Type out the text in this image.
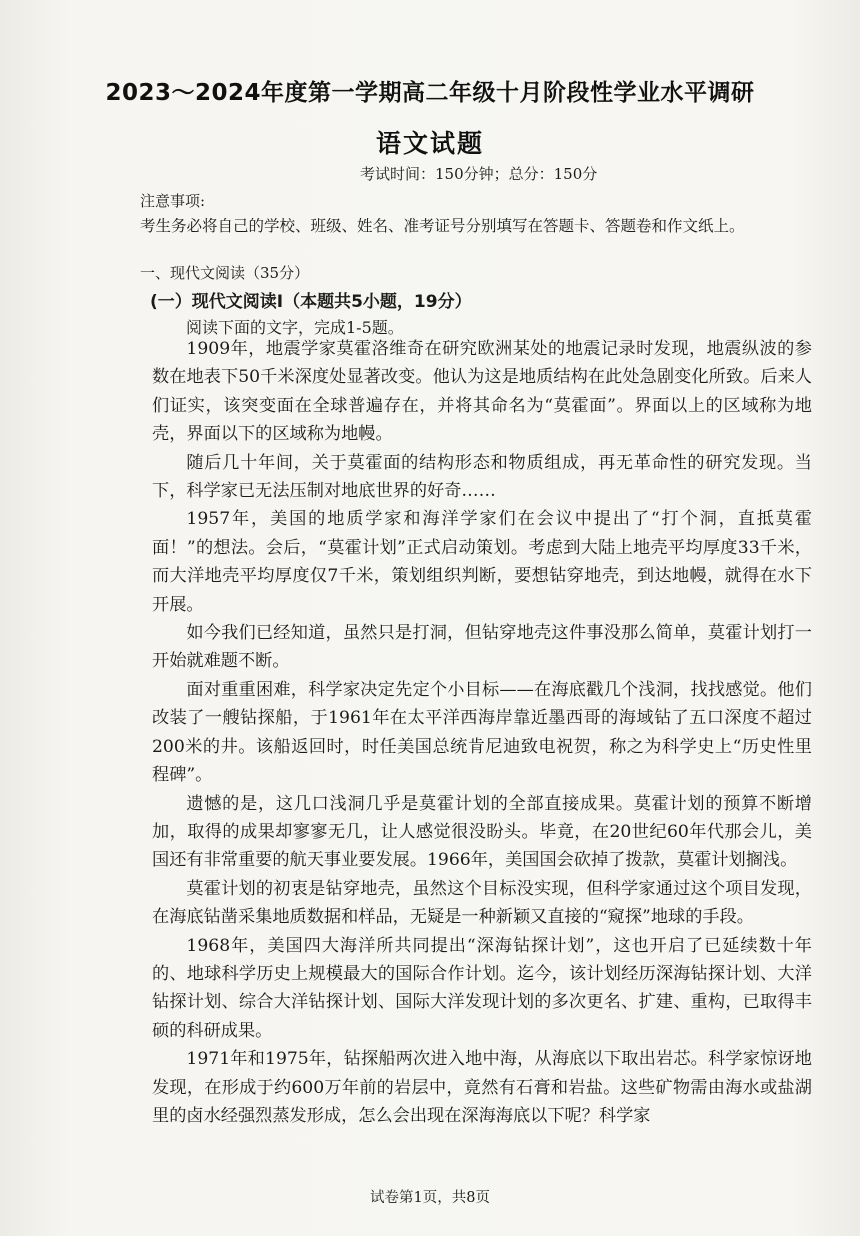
2023～2024年度第一学期高二年级十月阶段性学业水平调研
语文试题
考试时间：150分钟；总分：150分
注意事项:
考生务必将自己的学校、班级、姓名、准考证号分别填写在答题卡、答题卷和作文纸上。
一、现代文阅读（35分）
(一）现代文阅读Ⅰ（本题共5小题，19分）
阅读下面的文字，完成1-5题。

1909年，地震学家莫霍洛维奇在研究欧洲某处的地震记录时发现，地震纵波的参数在地表下50千米深度处显著改变。他认为这是地质结构在此处急剧变化所致。后来人们证实，该突变面在全球普遍存在，并将其命名为“莫霍面”。界面以上的区域称为地壳，界面以下的区域称为地幔。

随后几十年间，关于莫霍面的结构形态和物质组成，再无革命性的研究发现。当下，科学家已无法压制对地底世界的好奇……

1957年，美国的地质学家和海洋学家们在会议中提出了“打个洞，直抵莫霍面！”的想法。会后，“莫霍计划”正式启动策划。考虑到大陆上地壳平均厚度33千米，而大洋地壳平均厚度仅7千米，策划组织判断，要想钻穿地壳，到达地幔，就得在水下开展。

如今我们已经知道，虽然只是打洞，但钻穿地壳这件事没那么简单，莫霍计划打一开始就难题不断。

面对重重困难，科学家决定先定个小目标——在海底戳几个浅洞，找找感觉。他们改装了一艘钻探船，于1961年在太平洋西海岸靠近墨西哥的海域钻了五口深度不超过200米的井。该船返回时，时任美国总统肯尼迪致电祝贺，称之为科学史上“历史性里程碑”。

遗憾的是，这几口浅洞几乎是莫霍计划的全部直接成果。莫霍计划的预算不断增加，取得的成果却寥寥无几，让人感觉很没盼头。毕竟，在20世纪60年代那会儿，美国还有非常重要的航天事业要发展。1966年，美国国会砍掉了拨款，莫霍计划搁浅。

莫霍计划的初衷是钻穿地壳，虽然这个目标没实现，但科学家通过这个项目发现，在海底钻凿采集地质数据和样品，无疑是一种新颖又直接的“窥探”地球的手段。

1968年，美国四大海洋所共同提出“深海钻探计划”，这也开启了已延续数十年的、地球科学历史上规模最大的国际合作计划。迄今，该计划经历深海钻探计划、大洋钻探计划、综合大洋钻探计划、国际大洋发现计划的多次更名、扩建、重构，已取得丰硕的科研成果。

1971年和1975年，钻探船两次进入地中海，从海底以下取出岩芯。科学家惊讶地发现，在形成于约600万年前的岩层中，竟然有石膏和岩盐。这些矿物需由海水或盐湖里的卤水经强烈蒸发形成，怎么会出现在深海海底以下呢？科学家

试卷第1页，共8页
